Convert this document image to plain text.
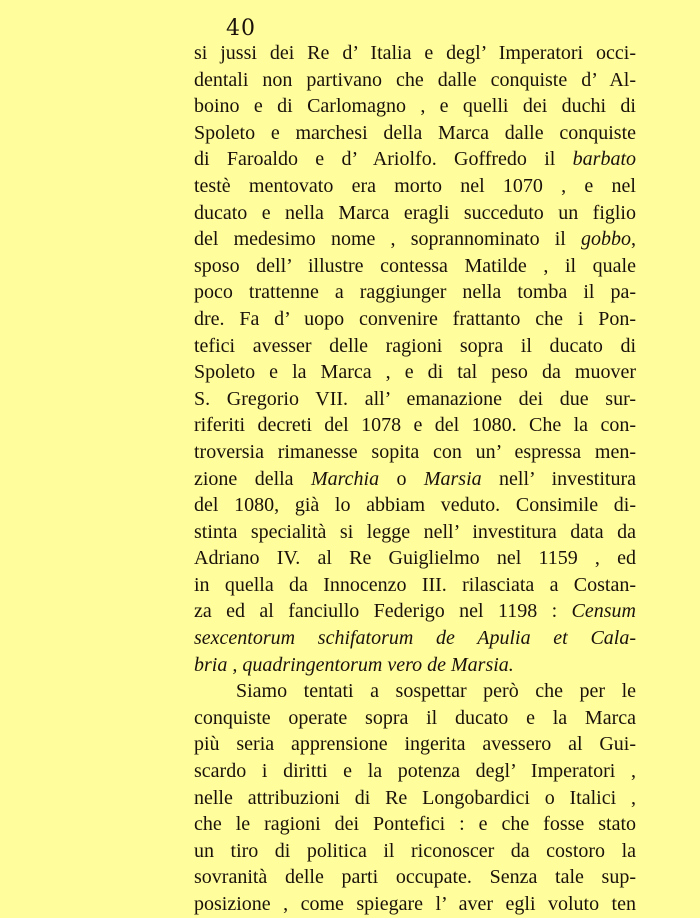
40
si jussi dei Re d’ Italia e degl’ Imperatori occi-
dentali non partivano che dalle conquiste d’ Al-
boino e di Carlomagno , e quelli dei duchi di
Spoleto e marchesi della Marca dalle conquiste
di Faroaldo e d’ Ariolfo. Goffredo il barbato
testè mentovato era morto nel 1070 , e nel
ducato e nella Marca eragli succeduto un figlio
del medesimo nome , soprannominato il gobbo,
sposo dell’ illustre contessa Matilde , il quale
poco trattenne a raggiunger nella tomba il pa-
dre. Fa d’ uopo convenire frattanto che i Pon-
tefici avesser delle ragioni sopra il ducato di
Spoleto e la Marca , e di tal peso da muover
S. Gregorio VII. all’ emanazione dei due sur-
riferiti decreti del 1078 e del 1080. Che la con-
troversia rimanesse sopita con un’ espressa men-
zione della Marchia o Marsia nell’ investitura
del 1080, già lo abbiam veduto. Consimile di-
stinta specialità si legge nell’ investitura data da
Adriano IV. al Re Guiglielmo nel 1159 , ed
in quella da Innocenzo III. rilasciata a Costan-
za ed al fanciullo Federigo nel 1198 : Censum
sexcentorum schifatorum de Apulia et Cala-
bria , quadringentorum vero de Marsia.
Siamo tentati a sospettar però che per le
conquiste operate sopra il ducato e la Marca
più seria apprensione ingerita avessero al Gui-
scardo i diritti e la potenza degl’ Imperatori ,
nelle attribuzioni di Re Longobardici o Italici ,
che le ragioni dei Pontefici : e che fosse stato
un tiro di politica il riconoscer da costoro la
sovranità delle parti occupate. Senza tale sup-
posizione , come spiegare l’ aver egli voluto ten
